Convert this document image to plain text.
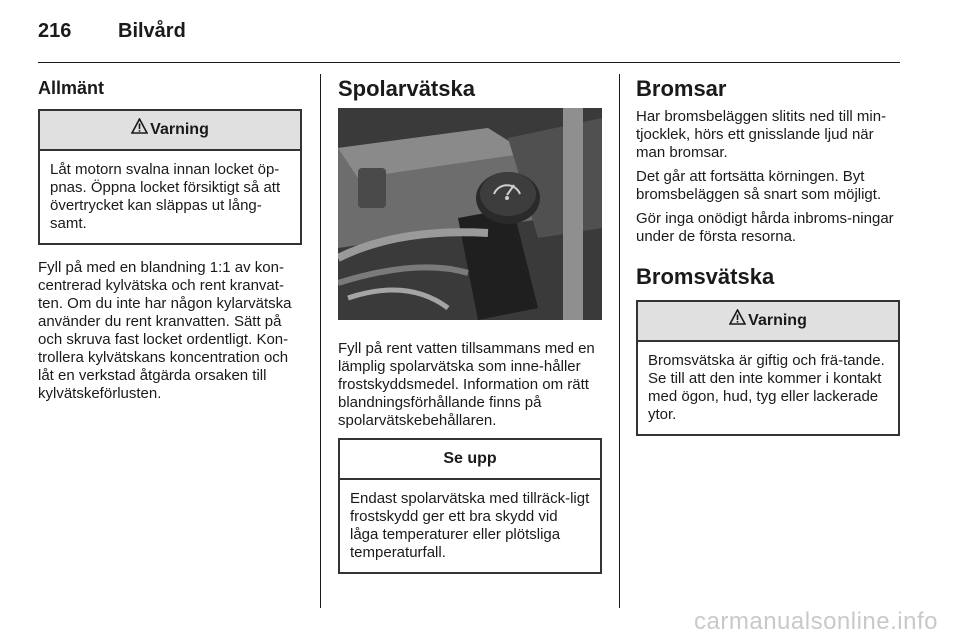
216 Bilvård
Allmänt
Varning
Låt motorn svalna innan locket öp-pnas. Öppna locket försiktigt så att övertrycket kan släppas ut lång-samt.

Fyll på med en blandning 1:1 av kon-centrerad kylvätska och rent kranvat-ten. Om du inte har någon kylarvätska använder du rent kranvatten. Sätt på och skruva fast locket ordentligt. Kon-trollera kylvätskans koncentration och låt en verkstad åtgärda orsaken till kylvätskeförlusten.

Spolarvätska

Fyll på rent vatten tillsammans med en lämplig spolarvätska som inne-håller frostskyddsmedel. Information om rätt blandningsförhållande finns på spolarvätskebehållaren.

Se upp
Endast spolarvätska med tillräck-ligt frostskydd ger ett bra skydd vid låga temperaturer eller plötsliga temperaturfall.
Bromsar

Har bromsbeläggen slitits ned till min-tjocklek, hörs ett gnisslande ljud när man bromsar.

Det går att fortsätta körningen. Byt bromsbeläggen så snart som möjligt.

Gör inga onödigt hårda inbroms-ningar under de första resorna.

Bromsvätska
Varning
Bromsvätska är giftig och frä-tande. Se till att den inte kommer i kontakt med ögon, hud, tyg eller lackerade ytor.
carmanualsonline.info
